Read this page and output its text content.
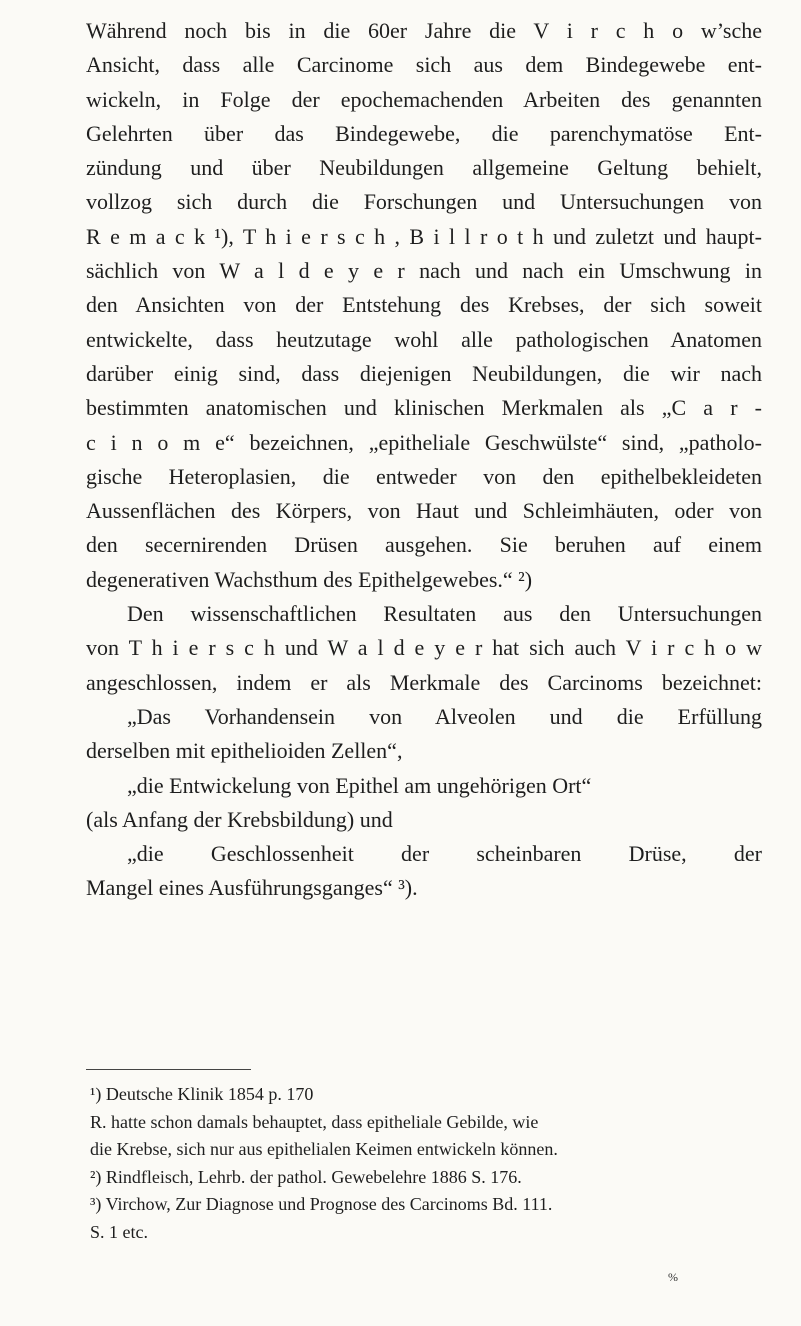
Während noch bis in die 60er Jahre die V i r c h o w’sche
Ansicht, dass alle Carcinome sich aus dem Bindegewebe ent-
wickeln, in Folge der epochemachenden Arbeiten des genannten
Gelehrten über das Bindegewebe, die parenchymatöse Ent-
zündung und über Neubildungen allgemeine Geltung behielt,
vollzog sich durch die Forschungen und Untersuchungen von
R e m a c k ¹), T h i e r s c h , B i l l r o t h und zuletzt und haupt-
sächlich von W a l d e y e r nach und nach ein Umschwung in
den Ansichten von der Entstehung des Krebses, der sich soweit
entwickelte, dass heutzutage wohl alle pathologischen Anatomen
darüber einig sind, dass diejenigen Neubildungen, die wir nach
bestimmten anatomischen und klinischen Merkmalen als „C a r -
c i n o m e“ bezeichnen, „epitheliale Geschwülste“ sind, „patholo-
gische Heteroplasien, die entweder von den epithelbekleideten
Aussenflächen des Körpers, von Haut und Schleimhäuten, oder von
den secernirenden Drüsen ausgehen. Sie beruhen auf einem
degenerativen Wachsthum des Epithelgewebes.“ ²)
Den wissenschaftlichen Resultaten aus den Untersuchungen
von T h i e r s c h und W a l d e y e r hat sich auch V i r c h o w
angeschlossen, indem er als Merkmale des Carcinoms bezeichnet:
„Das Vorhandensein von Alveolen und die Erfüllung
derselben mit epithelioiden Zellen“,
„die Entwickelung von Epithel am ungehörigen Ort“
(als Anfang der Krebsbildung) und
„die Geschlossenheit der scheinbaren Drüse, der
Mangel eines Ausführungsganges“ ³).
¹) Deutsche Klinik 1854 p. 170
R. hatte schon damals behauptet, dass epitheliale Gebilde, wie
die Krebse, sich nur aus epithelialen Keimen entwickeln können.
²) Rindfleisch, Lehrb. der pathol. Gewebelehre 1886 S. 176.
³) Virchow, Zur Diagnose und Prognose des Carcinoms Bd. 111.
S. 1 etc.
%
